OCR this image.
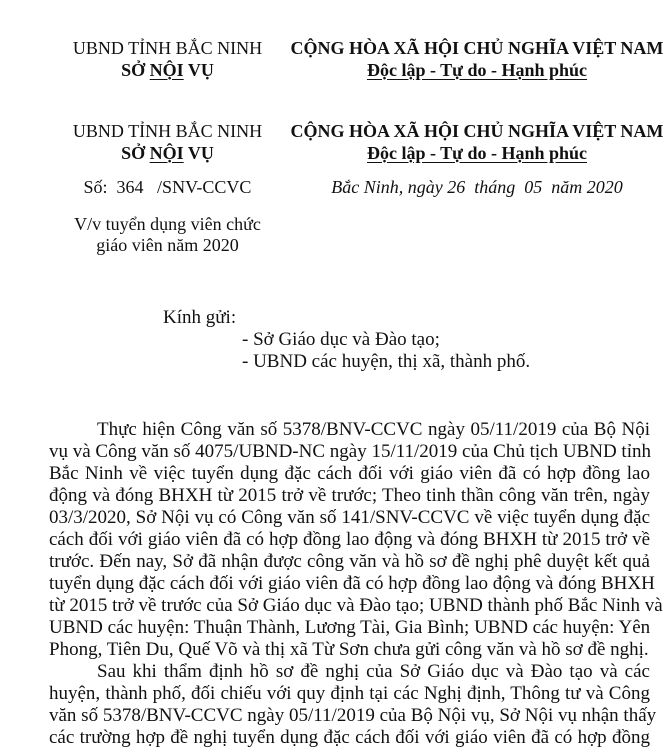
UBND TỈNH BẮC NINH
SỞ NỘI VỤ
CỘNG HÒA XÃ HỘI CHỦ NGHĨA VIỆT NAM
Độc lập - Tự do - Hạnh phúc
UBND TỈNH BẮC NINH
SỞ NỘI VỤ
CỘNG HÒA XÃ HỘI CHỦ NGHĨA VIỆT NAM
Độc lập - Tự do - Hạnh phúc
Số:  364   /SNV-CCVC	Bắc Ninh, ngày 26  tháng  05  năm 2020
V/v tuyển dụng viên chức
giáo viên năm 2020
Kính gửi:
- Sở Giáo dục và Đào tạo;
- UBND các huyện, thị xã, thành phố.
Thực hiện Công văn số 5378/BNV-CCVC ngày 05/11/2019 của Bộ Nội
vụ và Công văn số 4075/UBND-NC ngày 15/11/2019 của Chủ tịch UBND tỉnh
Bắc Ninh về việc tuyển dụng đặc cách đối với giáo viên đã có hợp đồng lao
động và đóng BHXH từ 2015 trở về trước; Theo tinh thần công văn trên, ngày
03/3/2020, Sở Nội vụ có Công văn số 141/SNV-CCVC về việc tuyển dụng đặc
cách đối với giáo viên đã có hợp đồng lao động và đóng BHXH từ 2015 trở về
trước. Đến nay, Sở đã nhận được công văn và hồ sơ đề nghị phê duyệt kết quả
tuyển dụng đặc cách đối với giáo viên đã có hợp đồng lao động và đóng BHXH
từ 2015 trở về trước của Sở Giáo dục và Đào tạo; UBND thành phố Bắc Ninh và
UBND các huyện: Thuận Thành, Lương Tài, Gia Bình; UBND các huyện: Yên
Phong, Tiên Du, Quế Võ và thị xã Từ Sơn chưa gửi công văn và hồ sơ đề nghị.
Sau khi thẩm định hồ sơ đề nghị của Sở Giáo dục và Đào tạo và các
huyện, thành phố, đối chiếu với quy định tại các Nghị định, Thông tư và Công
văn số 5378/BNV-CCVC ngày 05/11/2019 của Bộ Nội vụ, Sở Nội vụ nhận thấy
các trường hợp đề nghị tuyển dụng đặc cách đối với giáo viên đã có hợp đồng
